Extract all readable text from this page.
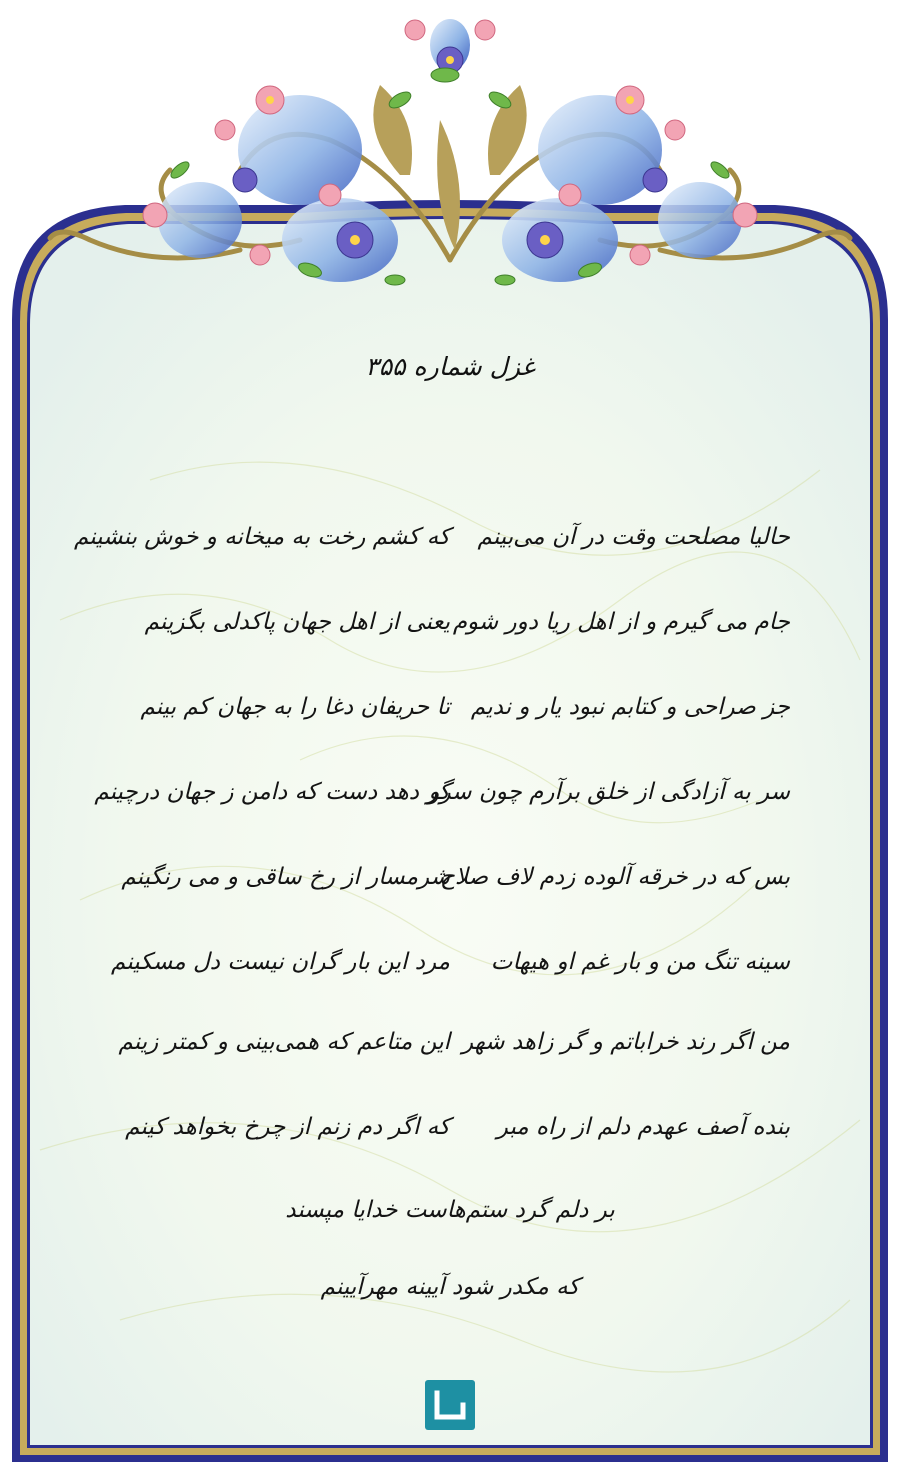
غزل شماره ۳۵۵
حالیا مصلحت وقت در آن می‌بینم
که کشم رخت به میخانه و خوش بنشینم
جام می گیرم و از اهل ریا دور شوم
یعنی از اهل جهان پاکدلی بگزینم
جز صراحی و کتابم نبود یار و ندیم
تا حریفان دغا را به جهان کم بینم
سر به آزادگی از خلق برآرم چون سرو
گر دهد دست که دامن ز جهان درچینم
بس که در خرقه آلوده زدم لاف صلاح
شرمسار از رخ ساقی و می رنگینم
سینه تنگ من و بار غم او هیهات
مرد این بار گران نیست دل مسکینم
من اگر رند خراباتم و گر زاهد شهر
این متاعم که همی‌بینی و کمتر زینم
بنده آصف عهدم دلم از راه مبر
که اگر دم زنم از چرخ بخواهد کینم
بر دلم گرد ستم‌هاست خدایا مپسند
که مکدر شود آیینه مهرآیینم
